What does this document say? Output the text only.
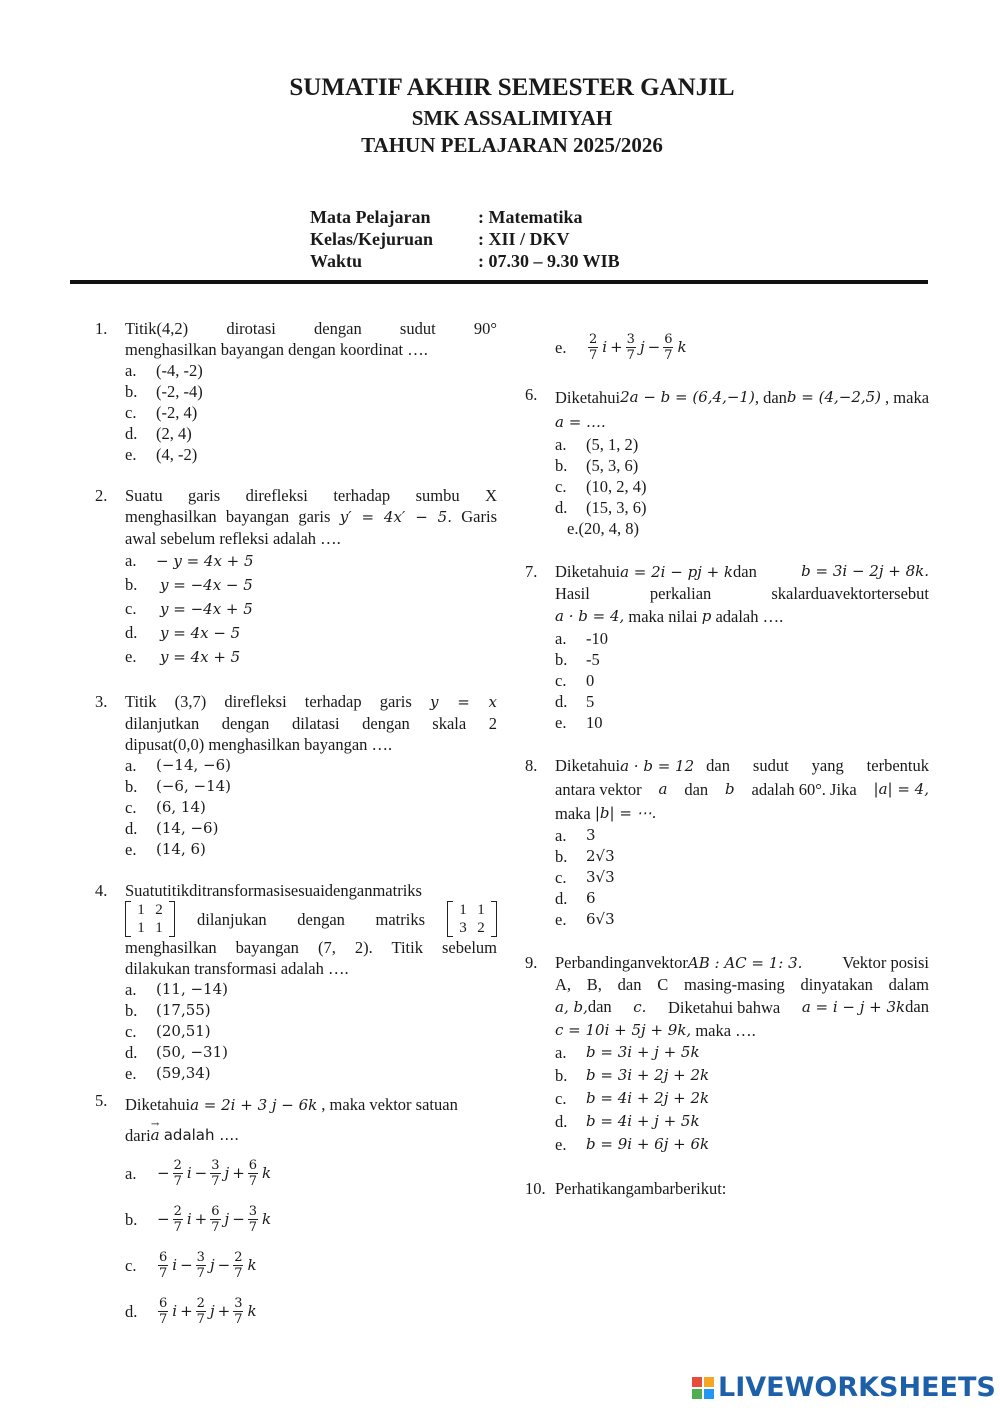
SUMATIF AKHIR SEMESTER GANJIL
SMK ASSALIMIYAH
TAHUN PELAJARAN 2025/2026
Mata Pelajaran	: Matematika
Kelas/Kejuruan	: XII / DKV
Waktu	: 07.30 – 9.30 WIB
1.	Titik(4,2) dirotasi dengan sudut 90°
menghasilkan bayangan dengan koordinat ….
a.	(-4, -2)
b.	(-2, -4)
c.	(-2, 4)
d.	(2, 4)
e.	(4, -2)
2.	Suatu garis direfleksi terhadap sumbu X
menghasilkan bayangan garis y′ = 4x′ − 5. Garis
awal sebelum refleksi adalah ….
a.	− y = 4x + 5
b.	y = −4x − 5
c.	y = −4x + 5
d.	y = 4x − 5
e.	y = 4x + 5
3.	Titik (3,7) direfleksi terhadap garis y = x
dilanjutkan dengan dilatasi dengan skala 2
dipusat(0,0) menghasilkan bayangan ….
a.	(−14, −6)
b.	(−6, −14)
c.	(6, 14)
d.	(14, −6)
e.	(14, 6)
4.	Suatutitikditransformasisesuaidenganmatriks
1 2
1 1	dilanjukan dengan matriks	1 1
3 2
menghasilkan bayangan (7, 2). Titik sebelum
dilakukan transformasi adalah ….
a.	(11, −14)
b.	(17,55)
c.	(20,51)
d.	(50, −31)
e.	(59,34)
5.	Diketahuia = 2i + 3 j − 6k , maka vektor satuan
dari → a
adalah ….
a.	− $\frac{2}{7}$ $i - \frac{3}{7}$ $j + \frac{6}{7}$ k
b.	− $\frac{2}{7}$ $i + \frac{6}{7}$ $j - \frac{3}{7}$ k
c.	$\frac{6}{7}$ $i - \frac{3}{7}$ $j - \frac{2}{7}$ k
d.	$\frac{6}{7}$ $i + \frac{2}{7}$ $j + \frac{3}{7}$ k
e.	$\frac{2}{7}$ $i + \frac{3}{7}$ $j - \frac{6}{7}$ k
6.	Diketahui 2a − b = (6,4,−1) , dan b = (4,−2,5) , maka
a = ….
a.	(5, 1, 2)
b.	(5, 3, 6)
c.	(10, 2, 4)
d.	(15, 3, 6)
e. (20, 4, 8)
7.	Diketahuia = 2i − pj + kdan	b = 3i − 2j + 8k.
Hasil perkalian skalarduavektortersebut
a · b = 4,
maka nilai
p
adalah ….
a.	-10
b.	-5
c.	0
d.	5
e.	10
8.	Diketahuia · b = 12 dan sudut yang terbentuk
antara vektor a dan b adalah 60°. Jika |a| = 4,
maka
|b| = ⋯.
a.	3
b.	2√3
c.	3√3
d.	6
e.	6√3
9.	PerbandinganvektorAB : AC = 1: 3. Vektor posisi
A, B, dan C masing-masing dinyatakan dalam
a, b,dan c. Diketahui bahwa a = i − j + 3kdan
c = 10i + 5j + 9k,
maka ….
a.	b = 3i + j + 5k
b.	b = 3i + 2j + 2k
c.	b = 4i + 2j + 2k
d.	b = 4i + j + 5k
e.	b = 9i + 6j + 6k
10. Perhatikangambarberikut:
LIVEWORKSHEETS
